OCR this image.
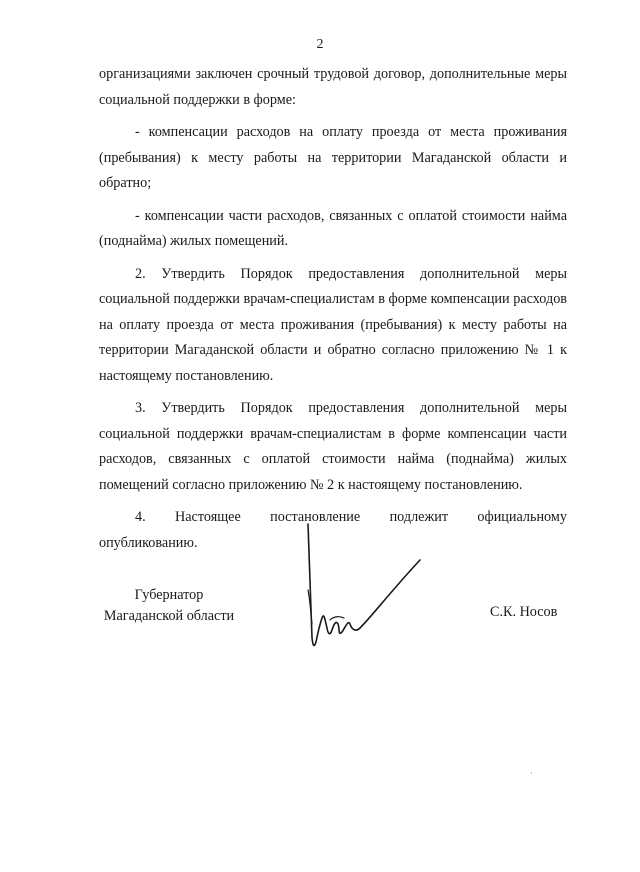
2

организациями заключен срочный трудовой договор, дополнительные меры социальной поддержки в форме:

- компенсации расходов на оплату проезда от места проживания (пребывания) к месту работы на территории Магаданской области и обратно;

- компенсации части расходов, связанных с оплатой стоимости найма (поднайма) жилых помещений.

2. Утвердить Порядок предоставления дополнительной меры социальной поддержки врачам-специалистам в форме компенсации расходов на оплату проезда от места проживания (пребывания) к месту работы на территории Магаданской области и обратно согласно приложению № 1 к настоящему постановлению.

3. Утвердить Порядок предоставления дополнительной меры социальной поддержки врачам-специалистам в форме компенсации части расходов, связанных с оплатой стоимости найма (поднайма) жилых помещений согласно приложению № 2 к настоящему постановлению.

4. Настоящее постановление подлежит официальному
опубликованию.
Губернатор
Магаданской области	С.К. Носов
